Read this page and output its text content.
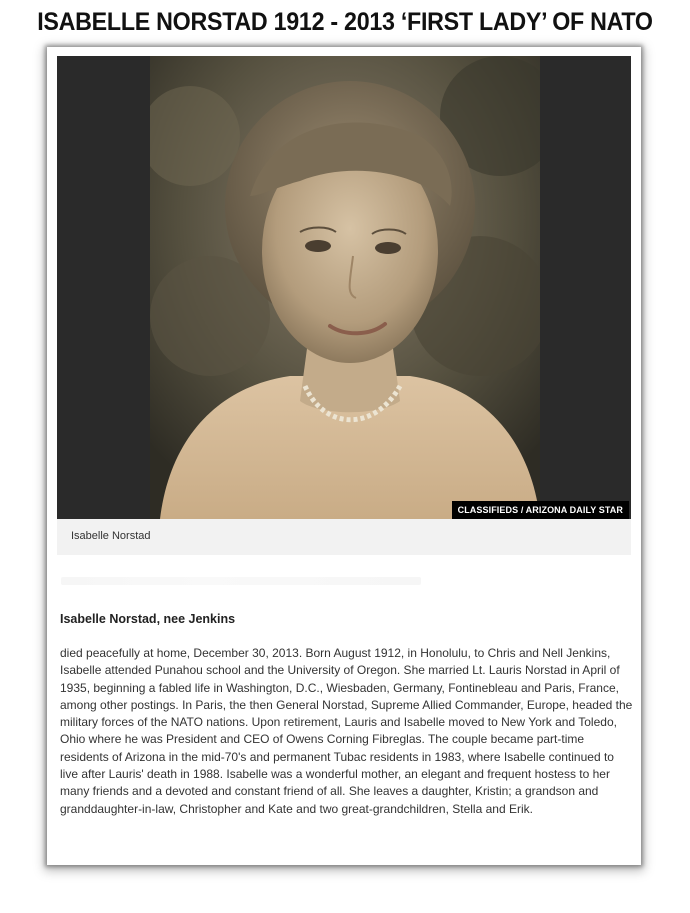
ISABELLE NORSTAD 1912 - 2013 ‘FIRST LADY’ OF NATO
CLASSIFIEDS / ARIZONA DAILY STAR
Isabelle Norstad
Isabelle Norstad, nee Jenkins

died peacefully at home, December 30, 2013. Born August 1912, in Honolulu, to Chris and Nell Jenkins, Isabelle attended Punahou school and the University of Oregon. She married Lt. Lauris Norstad in April of 1935, beginning a fabled life in Washington, D.C., Wiesbaden, Germany, Fontinebleau and Paris, France, among other postings. In Paris, the then General Norstad, Supreme Allied Commander, Europe, headed the military forces of the NATO nations. Upon retirement, Lauris and Isabelle moved to New York and Toledo, Ohio where he was President and CEO of Owens Corning Fibreglas. The couple became part-time residents of Arizona in the mid-70's and permanent Tubac residents in 1983, where Isabelle continued to live after Lauris' death in 1988. Isabelle was a wonderful mother, an elegant and frequent hostess to her many friends and a devoted and constant friend of all. She leaves a daughter, Kristin; a grandson and granddaughter-in-law, Christopher and Kate and two great-grandchildren, Stella and Erik.
